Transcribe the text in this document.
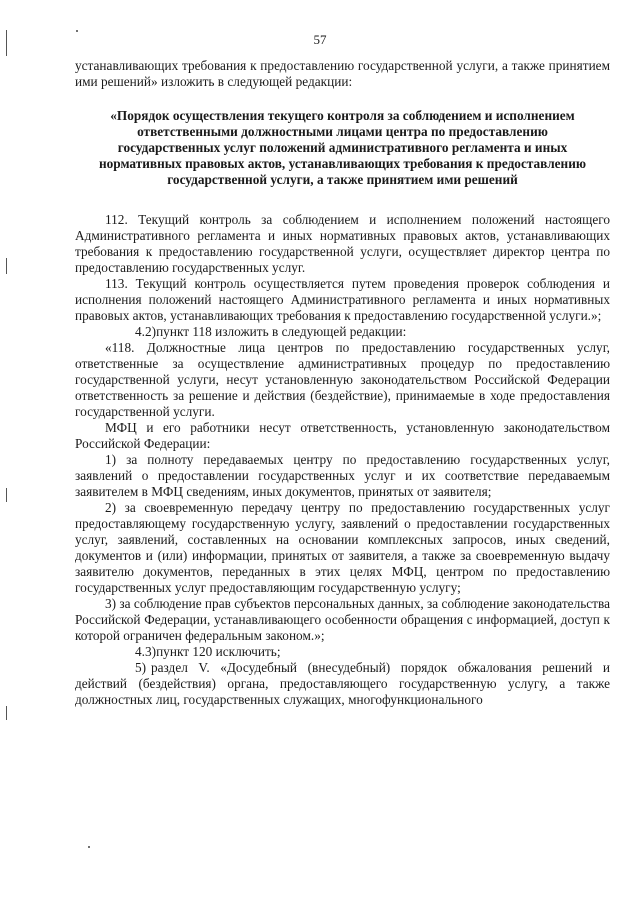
57

устанавливающих требования к предоставлению государственной услуги, а также принятием ими решений» изложить в следующей редакции:

«Порядок осуществления текущего контроля за соблюдением и исполнением ответственными должностными лицами центра по предоставлению государственных услуг положений административного регламента и иных нормативных правовых актов, устанавливающих требования к предоставлению государственной услуги, а также принятием ими решений

112. Текущий контроль за соблюдением и исполнением положений настоящего Административного регламента и иных нормативных правовых актов, устанавливающих требования к предоставлению государственной услуги, осуществляет директор центра по предоставлению государственных услуг.

113. Текущий контроль осуществляется путем проведения проверок соблюдения и исполнения положений настоящего Административного регламента и иных нормативных правовых актов, устанавливающих требования к предоставлению государственной услуги.»;

4.2)пункт 118 изложить в следующей редакции:

«118. Должностные лица центров по предоставлению государственных услуг, ответственные за осуществление административных процедур по предоставлению государственной услуги, несут установленную законодательством Российской Федерации ответственность за решение и действия (бездействие), принимаемые в ходе предоставления государственной услуги.

МФЦ и его работники несут ответственность, установленную законодательством Российской Федерации:

1) за полноту передаваемых центру по предоставлению государственных услуг, заявлений о предоставлении государственных услуг и их соответствие передаваемым заявителем в МФЦ сведениям, иных документов, принятых от заявителя;

2) за своевременную передачу центру по предоставлению государственных услуг предоставляющему государственную услугу, заявлений о предоставлении государственных услуг, заявлений, составленных на основании комплексных запросов, иных сведений, документов и (или) информации, принятых от заявителя, а также за своевременную выдачу заявителю документов, переданных в этих целях МФЦ, центром по предоставлению государственных услуг предоставляющим государственную услугу;

3) за соблюдение прав субъектов персональных данных, за соблюдение законодательства Российской Федерации, устанавливающего особенности обращения с информацией, доступ к которой ограничен федеральным законом.»;

4.3)пункт 120 исключить;

5) раздел V. «Досудебный (внесудебный) порядок обжалования решений и действий (бездействия) органа, предоставляющего государственную услугу, а также должностных лиц, государственных служащих, многофункционального
